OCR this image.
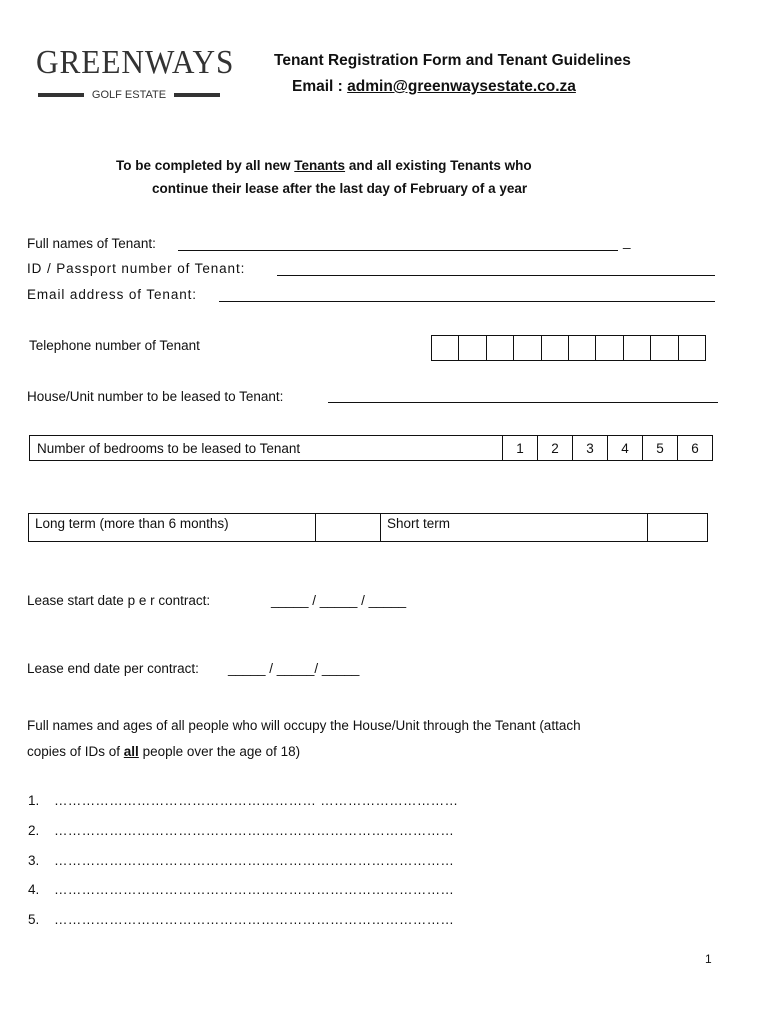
GREENWAYS
GOLF ESTATE
Tenant Registration Form and Tenant Guidelines
Email : admin@greenwaysestate.co.za
To be completed by all new Tenants and all existing Tenants who
continue their lease after the last day of February of a year
Full names of Tenant:	_
ID / Passport number of Tenant:
Email address of Tenant:
Telephone number of Tenant

House/Unit number to be leased to Tenant:
Number of bedrooms to be leased to Tenant	1	2	3	4	5	6
Long term (more than 6 months)		Short term	
Lease start date p e r contract:	_____ / _____ / _____
Lease end date per contract: _____ / _____/ _____
Full names and ages of all people who will occupy the House/Unit through the Tenant (attach
copies of IDs of all people over the age of 18)
1. ………………………………………………… …………………………
2. ……………………………………………………………………………
3. ……………………………………………………………………………
4. ……………………………………………………………………………
5. ……………………………………………………………………………
1
